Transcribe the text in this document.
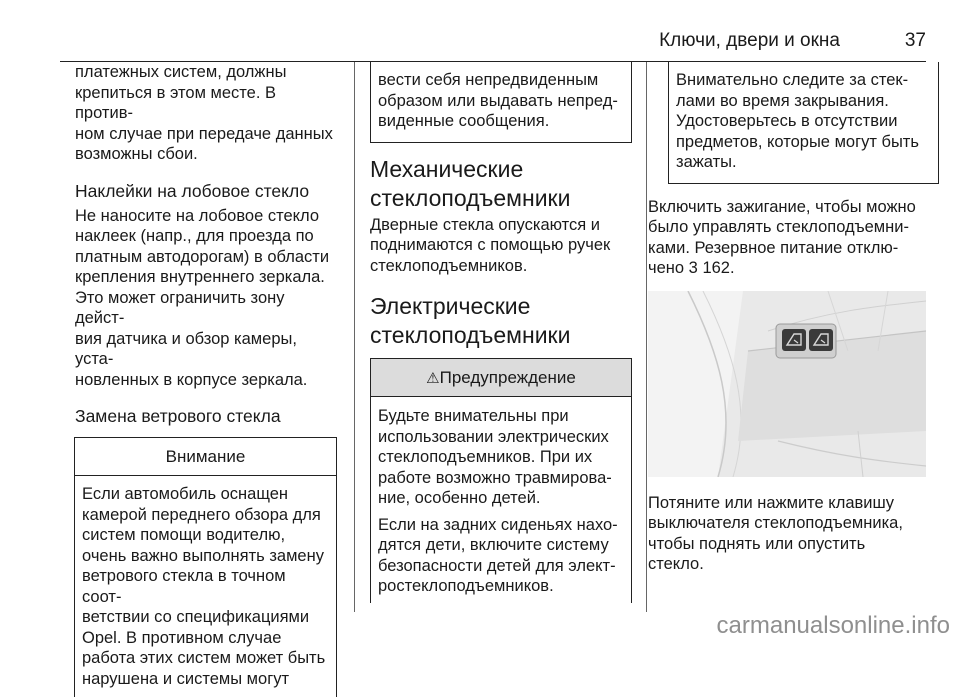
Ключи, двери и окна	37

платежных систем, должны
крепиться в этом месте. В против-
ном случае при передаче данных
возможны сбои.

Наклейки на лобовое стекло

Не наносите на лобовое стекло
наклеек (напр., для проезда по
платным автодорогам) в области
крепления внутреннего зеркала.
Это может ограничить зону дейст-
вия датчика и обзор камеры, уста-
новленных в корпусе зеркала.

Замена ветрового стекла
Внимание

Если автомобиль оснащен
камерой переднего обзора для
систем помощи водителю,
очень важно выполнять замену
ветрового стекла в точном соот-
ветствии со спецификациями
Opel. В противном случае
работа этих систем может быть
нарушена и системы могут

вести себя непредвиденным
образом или выдавать непред-
виденные сообщения.

Механические
стеклоподъемники

Дверные стекла опускаются и
поднимаются с помощью ручек
стеклоподъемников.

Электрические
стеклоподъемники
⚠Предупреждение

Будьте внимательны при
использовании электрических
стеклоподъемников. При их
работе возможно травмирова-
ние, особенно детей.

Если на задних сиденьях нахо-
дятся дети, включите систему
безопасности детей для элект-
ростеклоподъемников.

Внимательно следите за стек-
лами во время закрывания.
Удостоверьтесь в отсутствии
предметов, которые могут быть
зажаты.

Включить зажигание, чтобы можно
было управлять стеклоподъемни-
ками. Резервное питание отклю-
чено 3 162.

Потяните или нажмите клавишу
выключателя стеклоподъемника,
чтобы поднять или опустить
стекло.

carmanualsonline.info
